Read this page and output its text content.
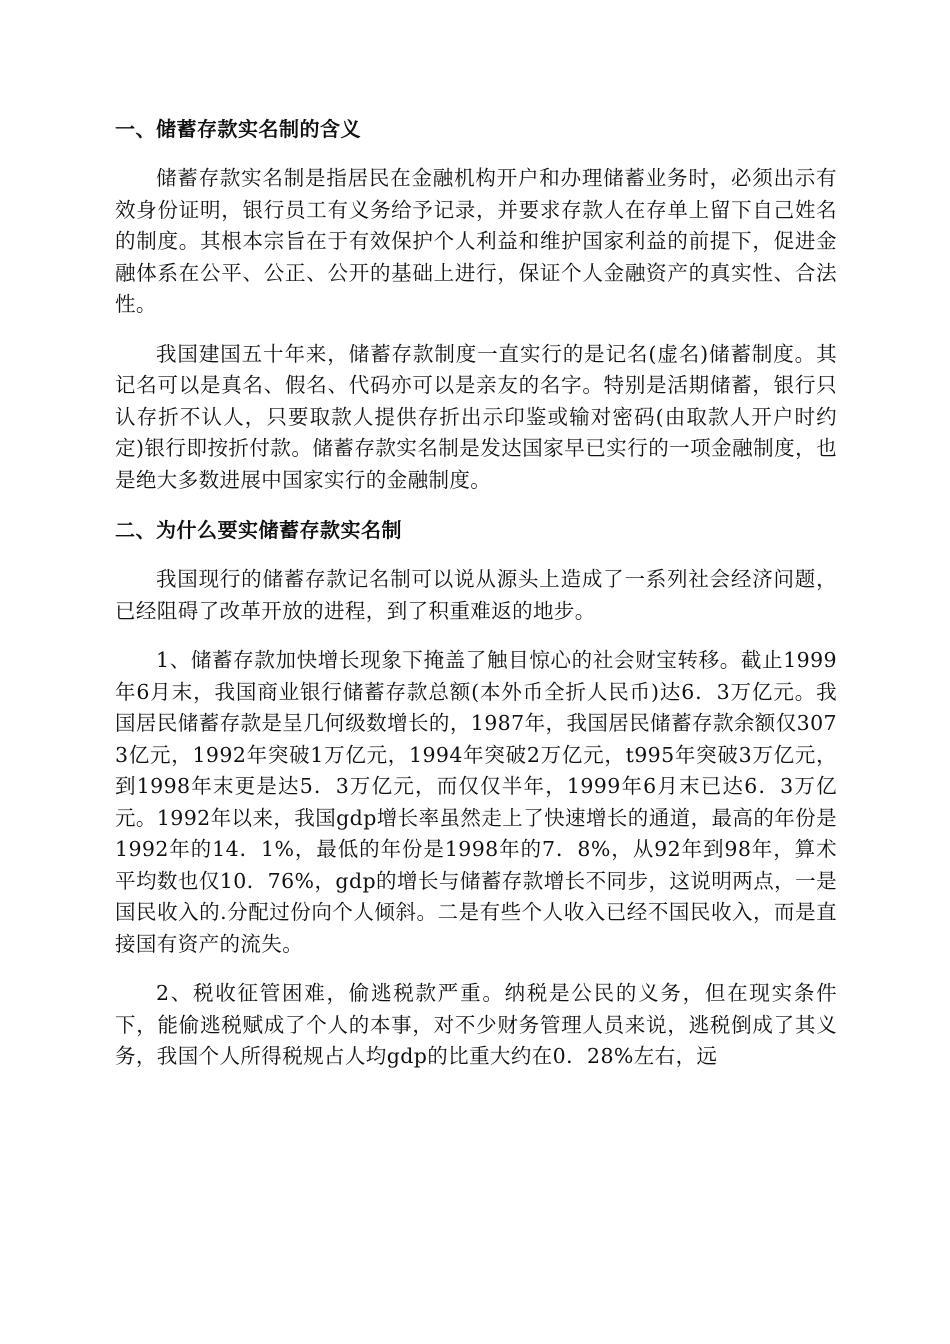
一、储蓄存款实名制的含义

储蓄存款实名制是指居民在金融机构开户和办理储蓄业务时，必须出示有效身份证明，银行员工有义务给予记录，并要求存款人在存单上留下自己姓名的制度。其根本宗旨在于有效保护个人利益和维护国家利益的前提下，促进金融体系在公平、公正、公开的基础上进行，保证个人金融资产的真实性、合法性。

我国建国五十年来，储蓄存款制度一直实行的是记名(虚名)储蓄制度。其记名可以是真名、假名、代码亦可以是亲友的名字。特别是活期储蓄，银行只认存折不认人，只要取款人提供存折出示印鉴或输对密码(由取款人开户时约定)银行即按折付款。储蓄存款实名制是发达国家早已实行的一项金融制度，也是绝大多数进展中国家实行的金融制度。

二、为什么要实储蓄存款实名制

我国现行的储蓄存款记名制可以说从源头上造成了一系列社会经济问题，已经阻碍了改革开放的进程，到了积重难返的地步。

1、储蓄存款加快增长现象下掩盖了触目惊心的社会财宝转移。截止1999年6月末，我国商业银行储蓄存款总额(本外币全折人民币)达6．3万亿元。我国居民储蓄存款是呈几何级数增长的，1987年，我国居民储蓄存款余额仅3073亿元，1992年突破1万亿元，1994年突破2万亿元，t995年突破3万亿元，到1998年末更是达5．3万亿元，而仅仅半年，1999年6月末已达6．3万亿元。1992年以来，我国gdp增长率虽然走上了快速增长的通道，最高的年份是1992年的14．1%，最低的年份是1998年的7．8%，从92年到98年，算术平均数也仅10．76%，gdp的增长与储蓄存款增长不同步，这说明两点，一是国民收入的.分配过份向个人倾斜。二是有些个人收入已经不国民收入，而是直接国有资产的流失。

2、税收征管困难，偷逃税款严重。纳税是公民的义务，但在现实条件下，能偷逃税赋成了个人的本事，对不少财务管理人员来说，逃税倒成了其义务，我国个人所得税规占人均gdp的比重大约在0．28%左右，远
